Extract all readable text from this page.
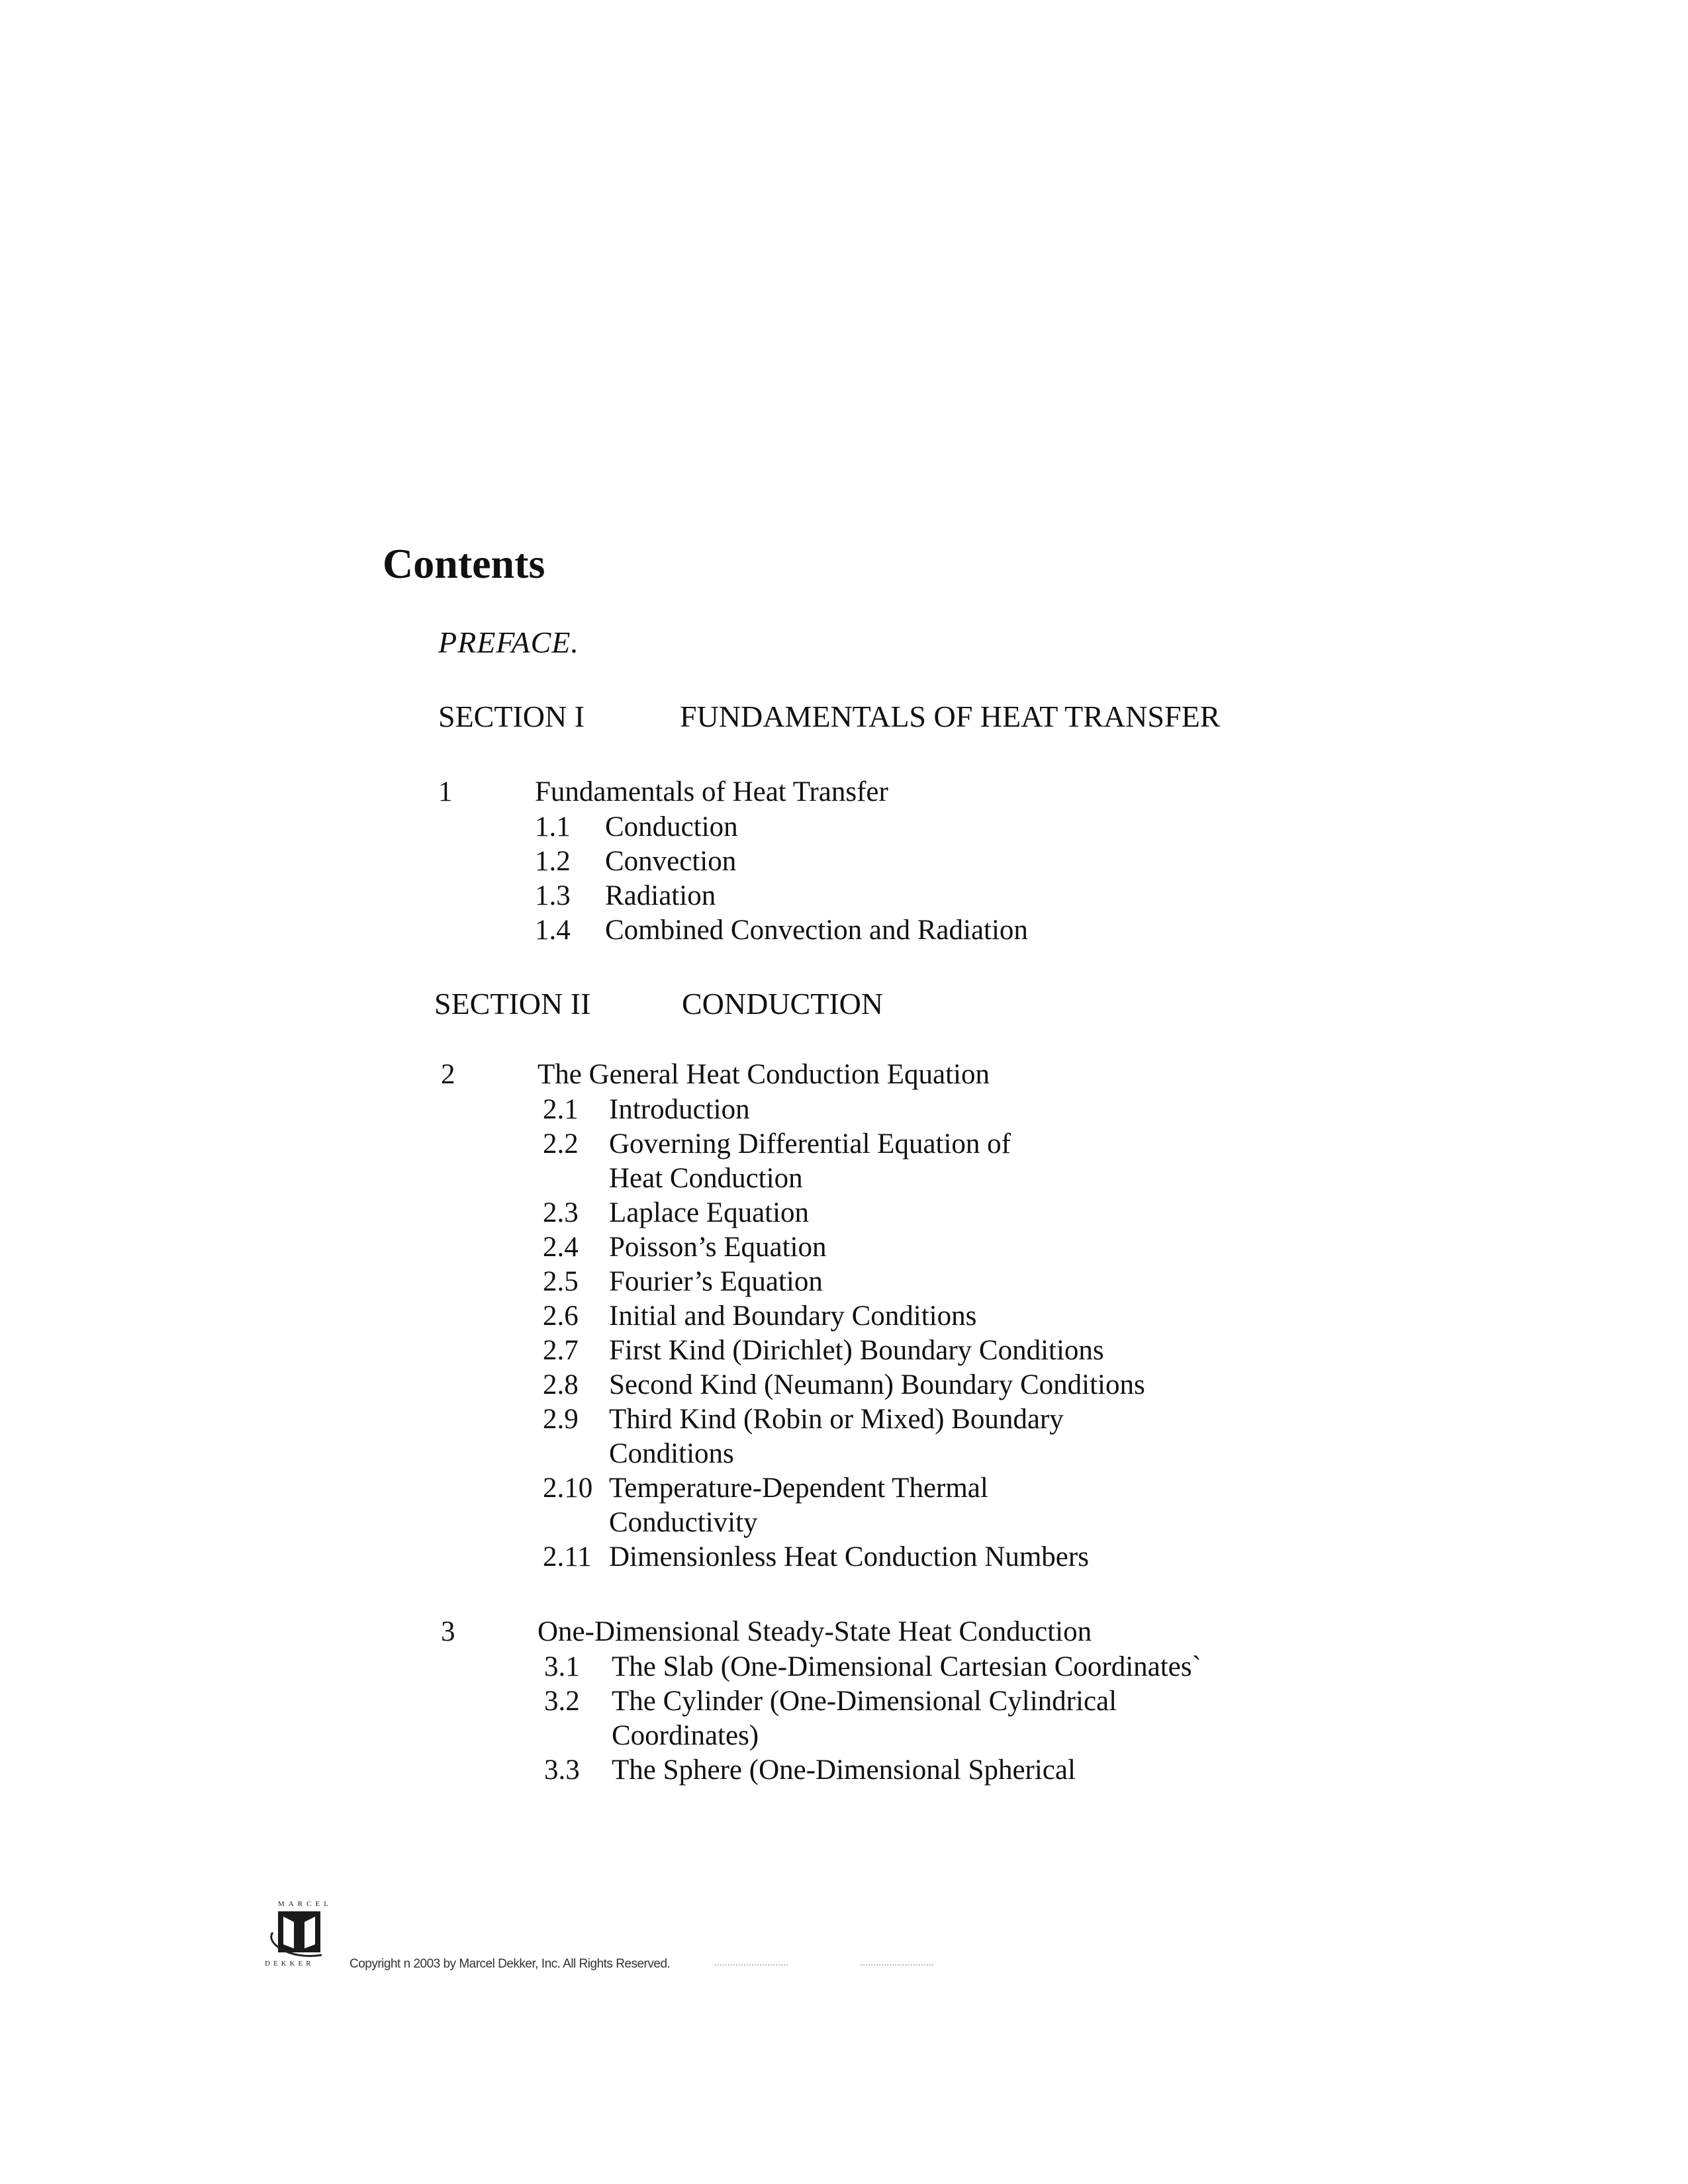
Contents
PREFACE.
SECTION I	FUNDAMENTALS OF HEAT TRANSFER
1	Fundamentals of Heat Transfer
1.1 Conduction
1.2 Convection
1.3 Radiation
1.4 Combined Convection and Radiation
SECTION II	CONDUCTION
2	The General Heat Conduction Equation
2.1 Introduction
2.2 Governing Differential Equation of
Heat Conduction
2.3 Laplace Equation
2.4 Poisson’s Equation
2.5 Fourier’s Equation
2.6 Initial and Boundary Conditions
2.7 First Kind (Dirichlet) Boundary Conditions
2.8 Second Kind (Neumann) Boundary Conditions
2.9 Third Kind (Robin or Mixed) Boundary
Conditions
2.10 Temperature-Dependent Thermal
Conductivity
2.11 Dimensionless Heat Conduction Numbers
3	One-Dimensional Steady-State Heat Conduction
3.1 The Slab (One-Dimensional Cartesian Coordinates`
3.2 The Cylinder (One-Dimensional Cylindrical
Coordinates)
3.3 The Sphere (One-Dimensional Spherical
MARCEL
DEKKER	Copyright n 2003 by Marcel Dekker, Inc. All Rights Reserved.
